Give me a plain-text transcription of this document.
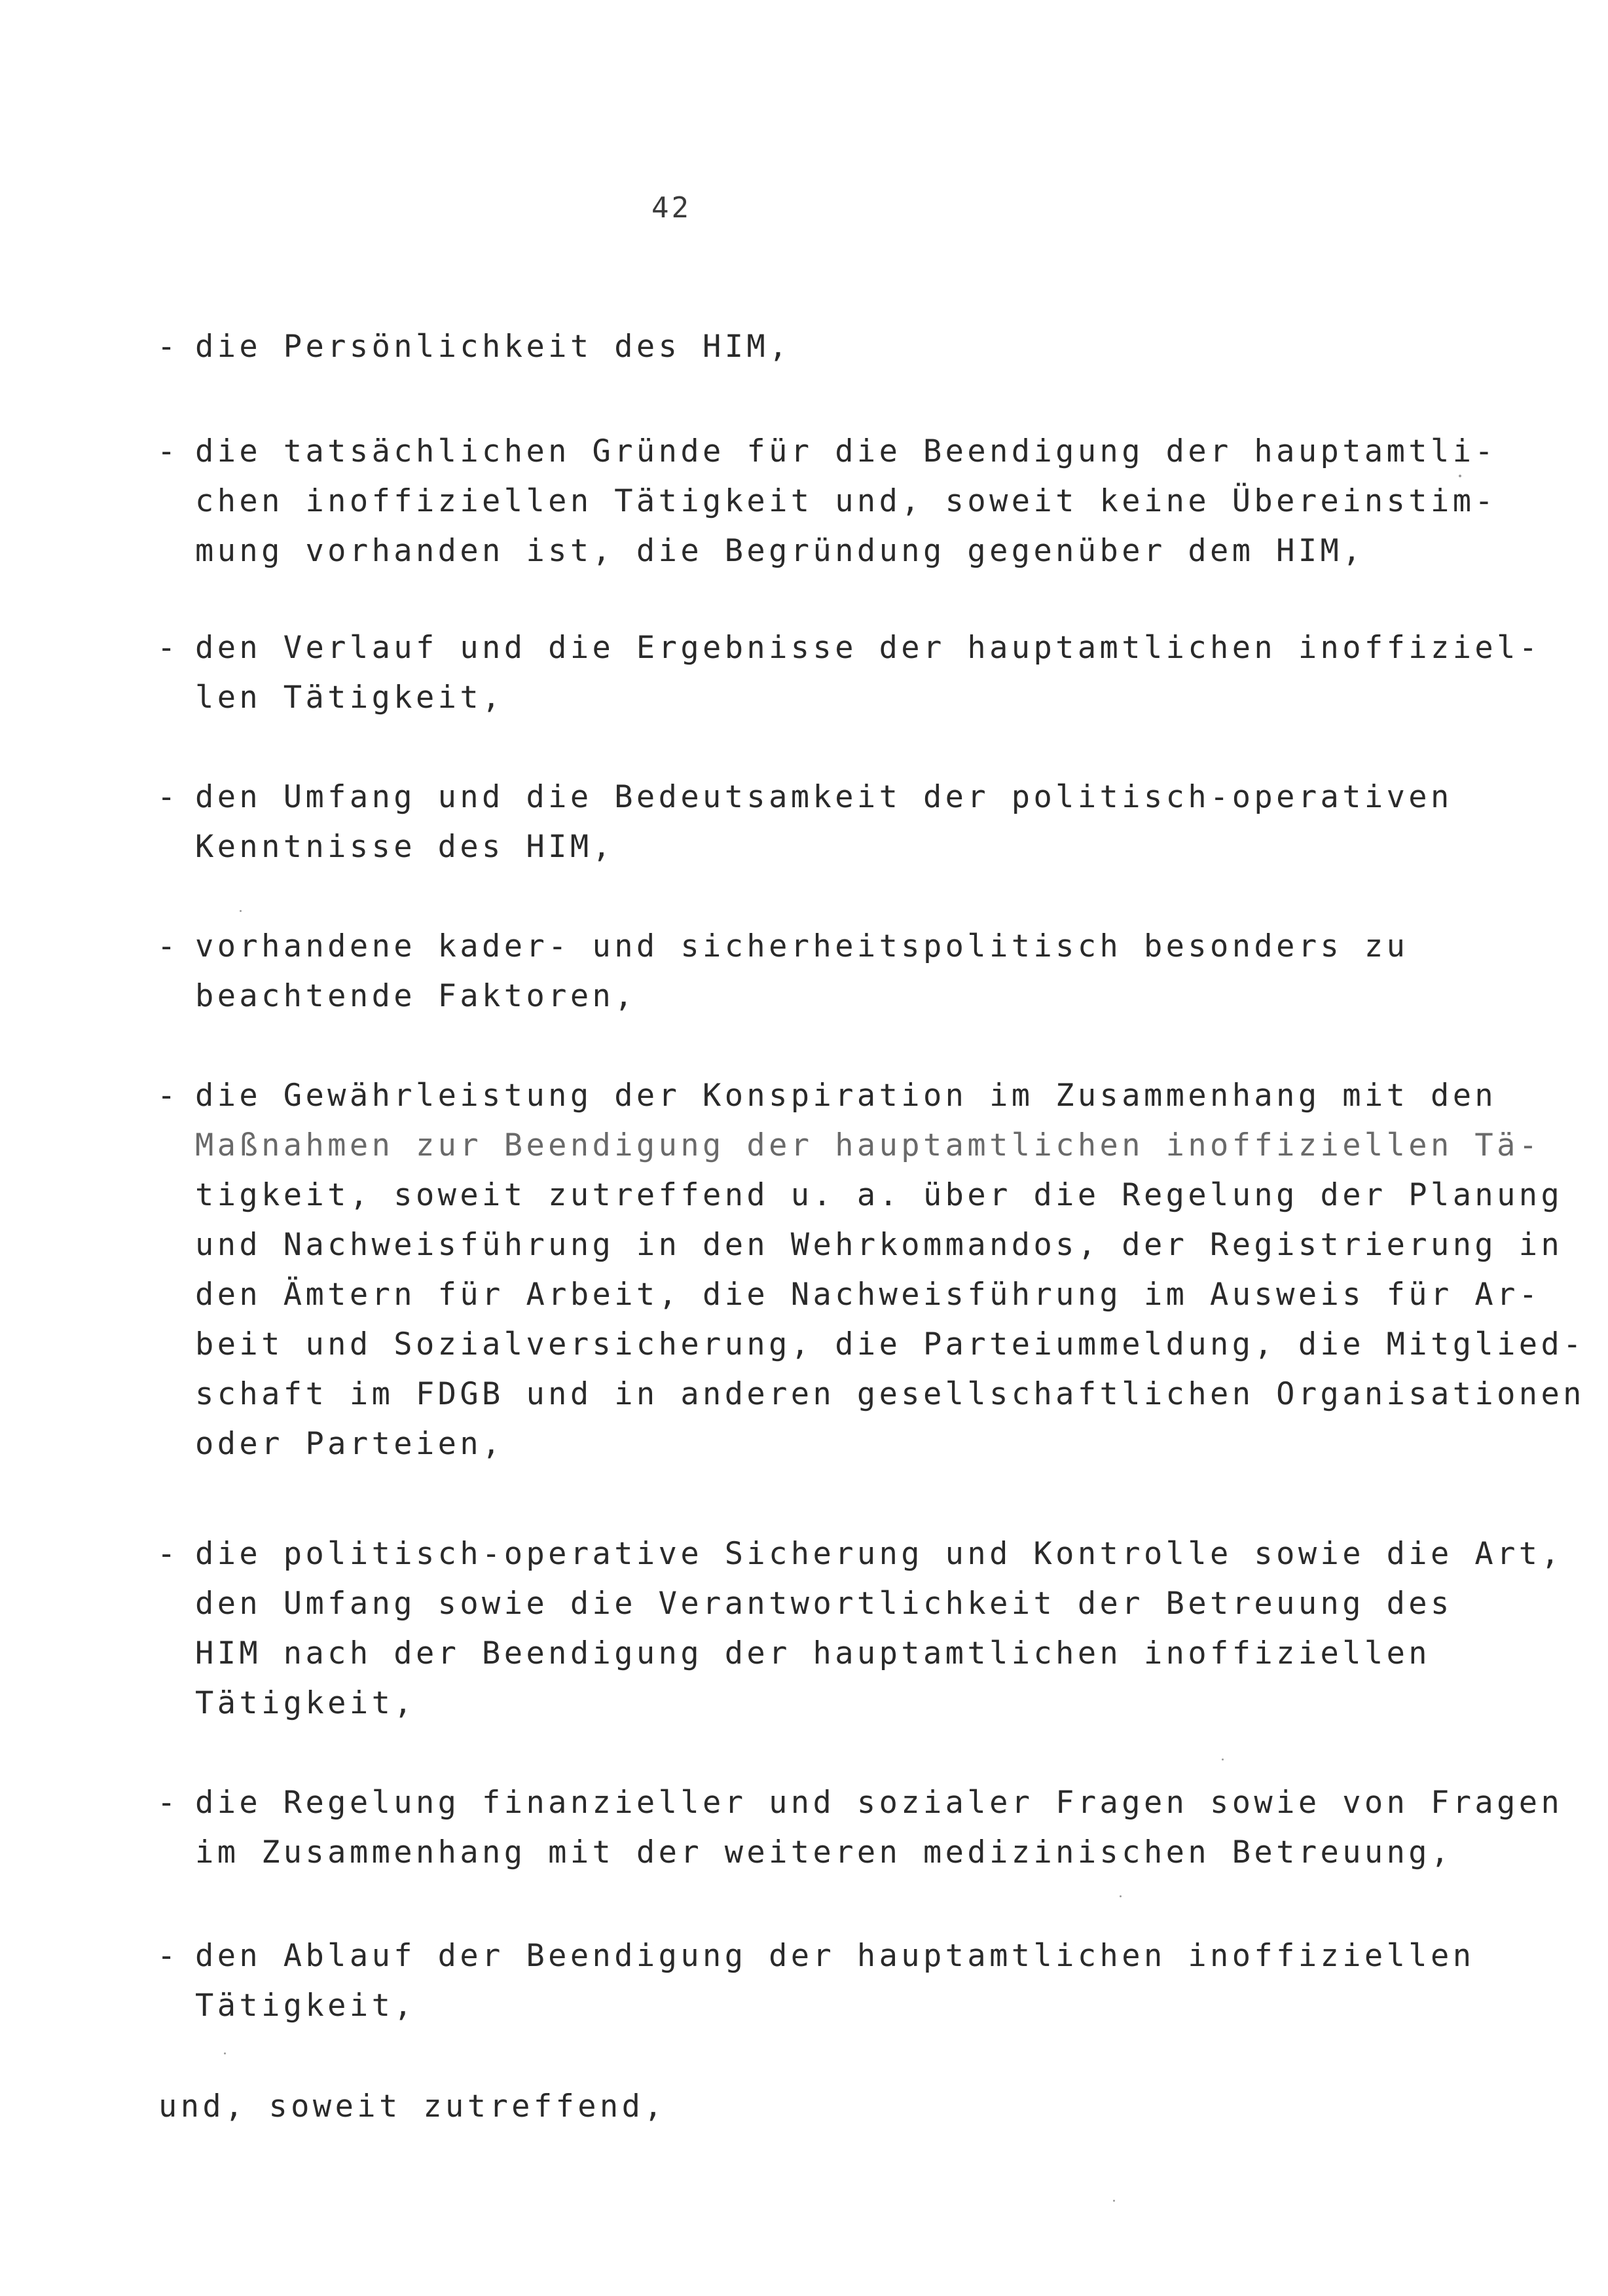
42
- die Persönlichkeit des HIM,
- die tatsächlichen Gründe für die Beendigung der hauptamtli-
chen inoffiziellen Tätigkeit und, soweit keine Übereinstim-
mung vorhanden ist, die Begründung gegenüber dem HIM,
- den Verlauf und die Ergebnisse der hauptamtlichen inoffiziel-
len Tätigkeit,
- den Umfang und die Bedeutsamkeit der politisch-operativen
Kenntnisse des HIM,
- vorhandene kader- und sicherheitspolitisch besonders zu
beachtende Faktoren,
- die Gewährleistung der Konspiration im Zusammenhang mit den
Maßnahmen zur Beendigung der hauptamtlichen inoffiziellen Tä-
tigkeit, soweit zutreffend u. a. über die Regelung der Planung
und Nachweisführung in den Wehrkommandos, der Registrierung in
den Ämtern für Arbeit, die Nachweisführung im Ausweis für Ar-
beit und Sozialversicherung, die Parteiummeldung, die Mitglied-
schaft im FDGB und in anderen gesellschaftlichen Organisationen
oder Parteien,
- die politisch-operative Sicherung und Kontrolle sowie die Art,
den Umfang sowie die Verantwortlichkeit der Betreuung des
HIM nach der Beendigung der hauptamtlichen inoffiziellen
Tätigkeit,
- die Regelung finanzieller und sozialer Fragen sowie von Fragen
im Zusammenhang mit der weiteren medizinischen Betreuung,
- den Ablauf der Beendigung der hauptamtlichen inoffiziellen
Tätigkeit,
und, soweit zutreffend,
